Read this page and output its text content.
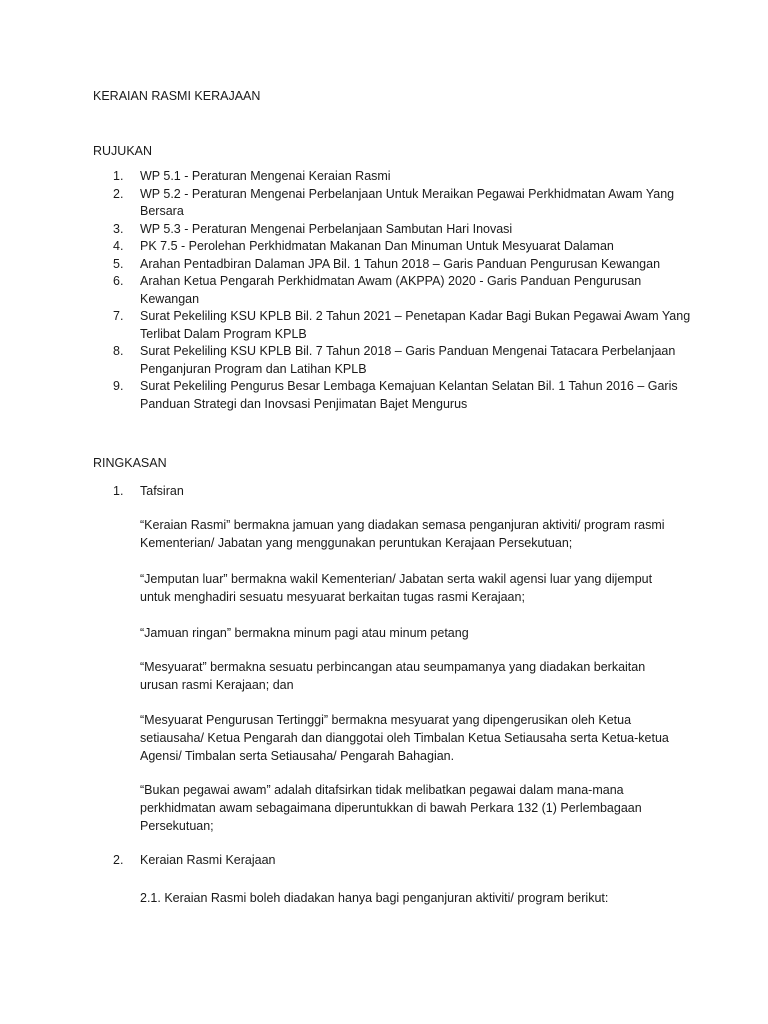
KERAIAN RASMI KERAJAAN
RUJUKAN
1. WP 5.1 - Peraturan Mengenai Keraian Rasmi
2. WP 5.2 - Peraturan Mengenai Perbelanjaan Untuk Meraikan Pegawai Perkhidmatan Awam Yang Bersara
3. WP 5.3 - Peraturan Mengenai Perbelanjaan Sambutan Hari Inovasi
4. PK 7.5 - Perolehan Perkhidmatan Makanan Dan Minuman Untuk Mesyuarat Dalaman
5. Arahan Pentadbiran Dalaman JPA Bil. 1 Tahun 2018 – Garis Panduan Pengurusan Kewangan
6. Arahan Ketua Pengarah Perkhidmatan Awam (AKPPA) 2020 - Garis Panduan Pengurusan Kewangan
7. Surat Pekeliling KSU KPLB Bil. 2 Tahun 2021 – Penetapan Kadar Bagi Bukan Pegawai Awam Yang Terlibat Dalam Program KPLB
8. Surat Pekeliling KSU KPLB Bil. 7 Tahun 2018 – Garis Panduan Mengenai Tatacara Perbelanjaan Penganjuran Program dan Latihan KPLB
9. Surat Pekeliling Pengurus Besar Lembaga Kemajuan Kelantan Selatan Bil. 1 Tahun 2016 – Garis Panduan Strategi dan Inovsasi Penjimatan Bajet Mengurus
RINGKASAN
1. Tafsiran
“Keraian Rasmi” bermakna jamuan yang diadakan semasa penganjuran aktiviti/ program rasmi Kementerian/ Jabatan yang menggunakan peruntukan Kerajaan Persekutuan;
“Jemputan luar” bermakna wakil Kementerian/ Jabatan serta wakil agensi luar yang dijemput untuk menghadiri sesuatu mesyuarat berkaitan tugas rasmi Kerajaan;
“Jamuan ringan” bermakna minum pagi atau minum petang
“Mesyuarat” bermakna sesuatu perbincangan atau seumpamanya yang diadakan berkaitan urusan rasmi Kerajaan; dan
“Mesyuarat Pengurusan Tertinggi” bermakna mesyuarat yang dipengerusikan oleh Ketua setiausaha/ Ketua Pengarah dan dianggotai oleh Timbalan Ketua Setiausaha serta Ketua-ketua Agensi/ Timbalan serta Setiausaha/ Pengarah Bahagian.
“Bukan pegawai awam” adalah ditafsirkan tidak melibatkan pegawai dalam mana-mana perkhidmatan awam sebagaimana diperuntukkan di bawah Perkara 132 (1) Perlembagaan Persekutuan;
2. Keraian Rasmi Kerajaan
2.1. Keraian Rasmi boleh diadakan hanya bagi penganjuran aktiviti/ program berikut:
